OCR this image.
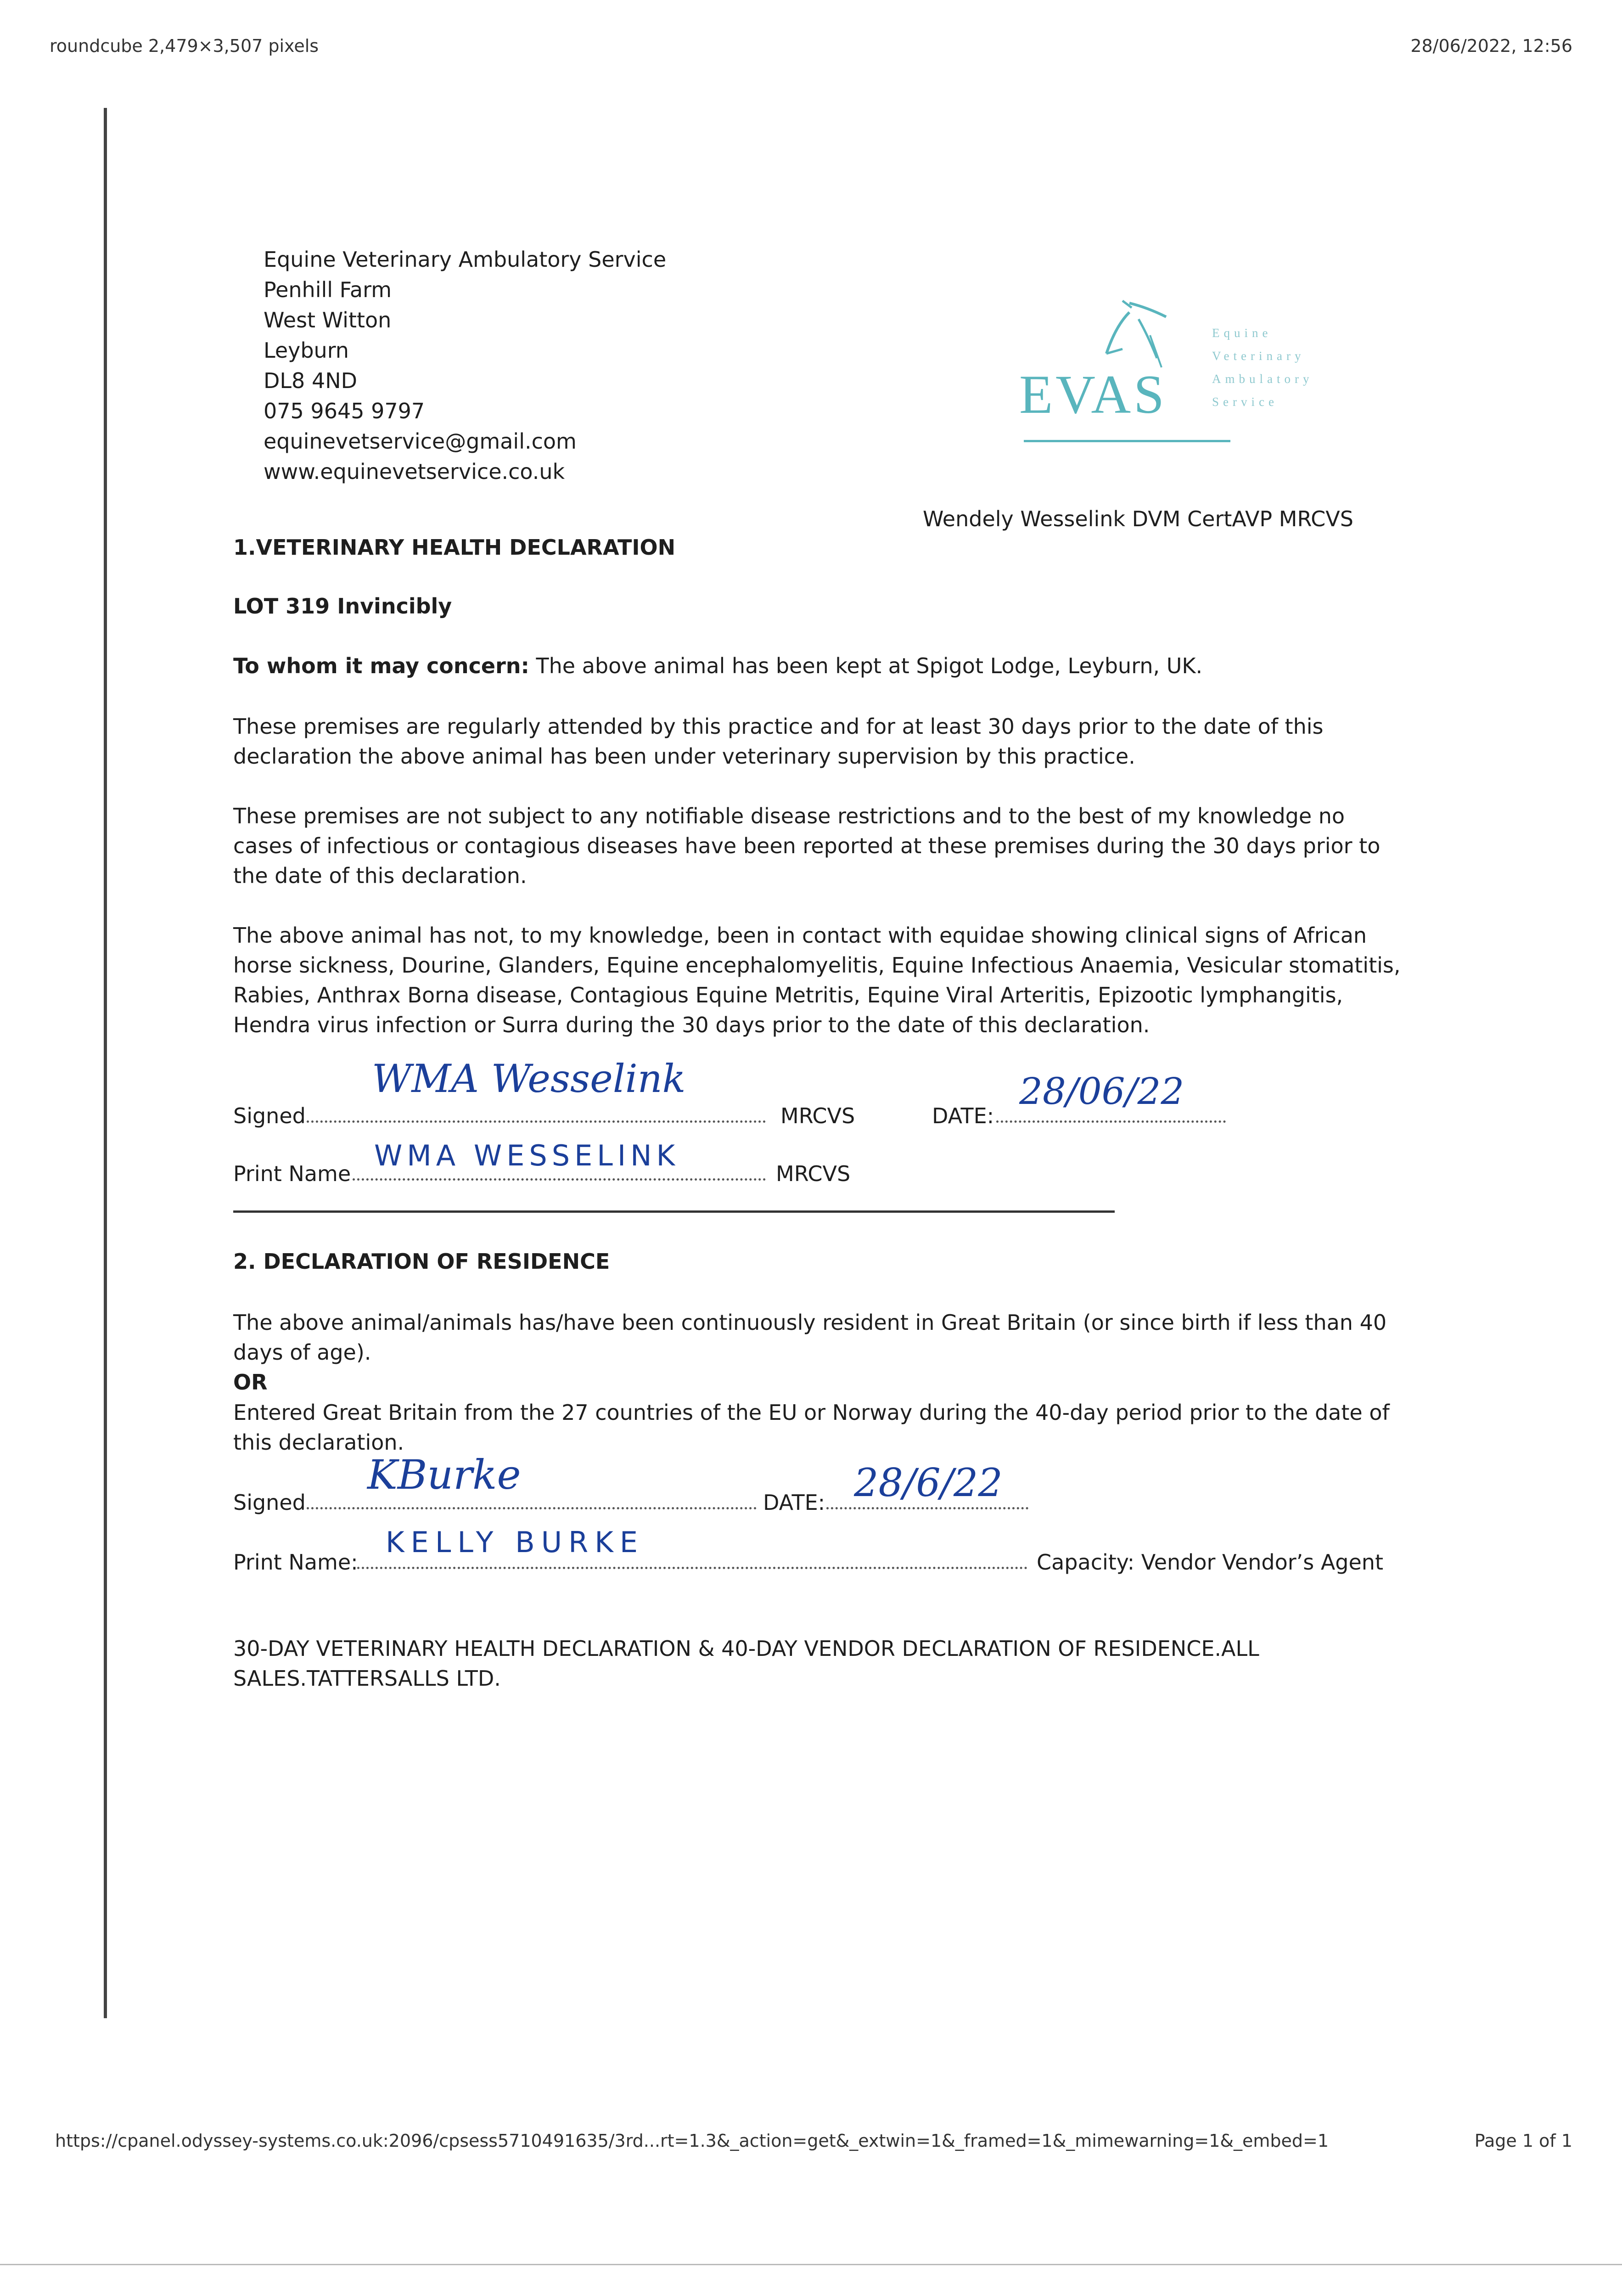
roundcube 2,479×3,507 pixels	28/06/2022, 12:56
Equine Veterinary Ambulatory Service
Penhill Farm
West Witton
Leyburn
DL8 4ND
075 9645 9797
equinevetservice@gmail.com
www.equinevetservice.co.uk
EVAS
Equine
Veterinary
Ambulatory
Service
Wendely Wesselink DVM CertAVP MRCVS
1.VETERINARY HEALTH DECLARATION
LOT 319 Invincibly
To whom it may concern: The above animal has been kept at Spigot Lodge, Leyburn, UK.
These premises are regularly attended by this practice and for at least 30 days prior to the date of this declaration the above animal has been under veterinary supervision by this practice.
These premises are not subject to any notifiable disease restrictions and to the best of my knowledge no cases of infectious or contagious diseases have been reported at these premises during the 30 days prior to the date of this declaration.
The above animal has not, to my knowledge, been in contact with equidae showing clinical signs of African horse sickness, Dourine, Glanders, Equine encephalomyelitis, Equine Infectious Anaemia, Vesicular stomatitis, Rabies, Anthrax Borna disease, Contagious Equine Metritis, Equine Viral Arteritis, Epizootic lymphangitis, Hendra virus infection or Surra during the 30 days prior to the date of this declaration.
Signed
WMA Wesselink
MRCVS	DATE:
28/06/22
Print Name
WMA WESSELINK
MRCVS
2. DECLARATION OF RESIDENCE
The above animal/animals has/have been continuously resident in Great Britain (or since birth if less than 40 days of age).
OR
Entered Great Britain from the 27 countries of the EU or Norway during the 40-day period prior to the date of this declaration.
Signed
KBurke
DATE: 28/6/22
Print Name:
KELLY BURKE
Capacity: Vendor Vendor’s Agent
30-DAY VETERINARY HEALTH DECLARATION & 40-DAY VENDOR DECLARATION OF RESIDENCE.ALL
SALES.TATTERSALLS LTD.
https://cpanel.odyssey-systems.co.uk:2096/cpsess5710491635/3rd...rt=1.3&_action=get&_extwin=1&_framed=1&_mimewarning=1&_embed=1	Page 1 of 1
